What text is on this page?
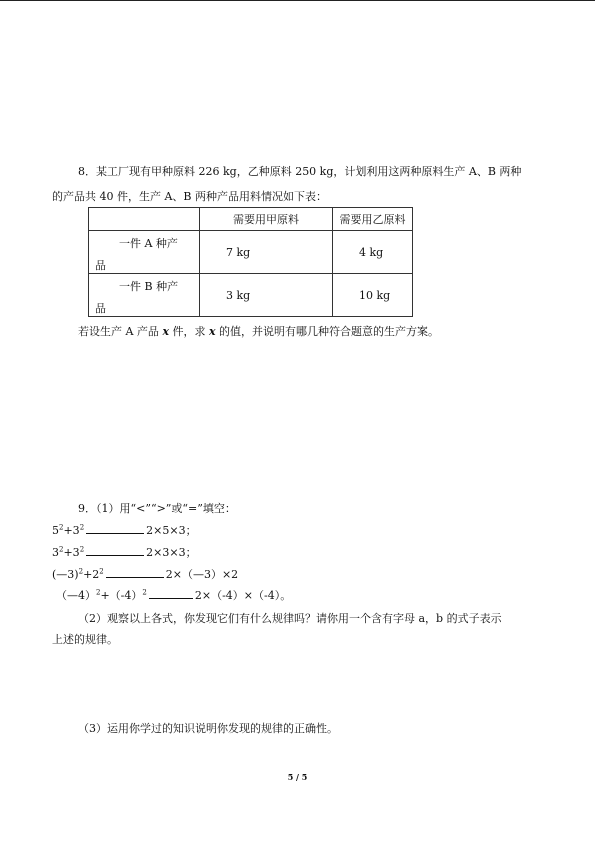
8．某工厂现有甲种原料 226 kg，乙种原料 250 kg，计划利用这两种原料生产 A、B 两种
的产品共 40 件，生产 A、B 两种产品用料情况如下表：
	需要用甲原料	需要用乙原料

一件 A 种产
品	7 kg	4 kg

一件 B 种产
品	3 kg	10 kg
若设生产 A 产品 x 件，求 x 的值，并说明有哪几种符合题意的生产方案。
9．（1）用“<”“>”或“=”填空：
$5^2+3^2$	2×5×3；
$3^2+3^2$	2×3×3；
$(—3)^2+2^2$	2×（—3）×2
$(—4)^2+(-4)^2$	2×（-4）×（-4）。
（2）观察以上各式，你发现它们有什么规律吗？请你用一个含有字母 a，b 的式子表示
上述的规律。
（3）运用你学过的知识说明你发现的规律的正确性。
5 / 5
